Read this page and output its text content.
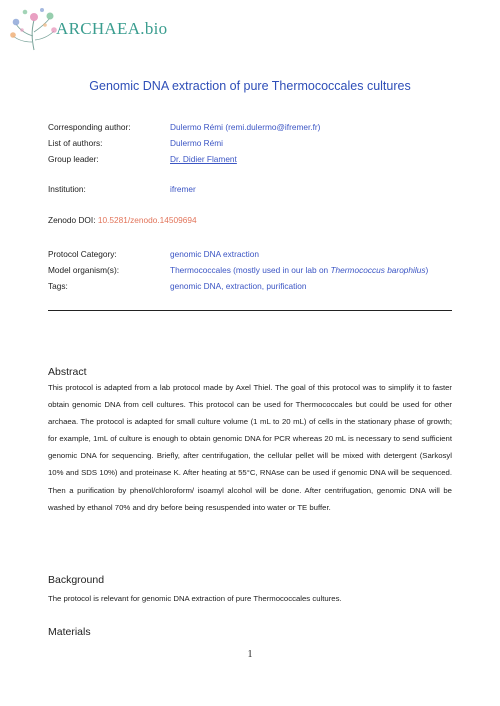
ARCHAEA.bio
Genomic DNA extraction of pure Thermococcales cultures
Corresponding author:	Dulermo Rémi (remi.dulermo@ifremer.fr)
List of authors:	Dulermo Rémi
Group leader:	Dr. Didier Flament
Institution:	ifremer
Zenodo DOI: 10.5281/zenodo.14509694
Protocol Category:	genomic DNA extraction
Model organism(s):	Thermococcales (mostly used in our lab on Thermococcus barophilus)
Tags:	genomic DNA, extraction, purification
Abstract
This protocol is adapted from a lab protocol made by Axel Thiel. The goal of this protocol was to simplify it to faster obtain genomic DNA from cell cultures. This protocol can be used for Thermococcales but could be used for other archaea. The protocol is adapted for small culture volume (1 mL to 20 mL) of cells in the stationary phase of growth; for example, 1mL of culture is enough to obtain genomic DNA for PCR whereas 20 mL is necessary to send sufficient genomic DNA for sequencing. Briefly, after centrifugation, the cellular pellet will be mixed with detergent (Sarkosyl 10% and SDS 10%) and proteinase K. After heating at 55°C, RNAse can be used if genomic DNA will be sequenced. Then a purification by phenol/chloroform/ isoamyl alcohol will be done. After centrifugation, genomic DNA will be washed by ethanol 70% and dry before being resuspended into water or TE buffer.
Background
The protocol is relevant for genomic DNA extraction of pure Thermococcales cultures.
Materials
1
